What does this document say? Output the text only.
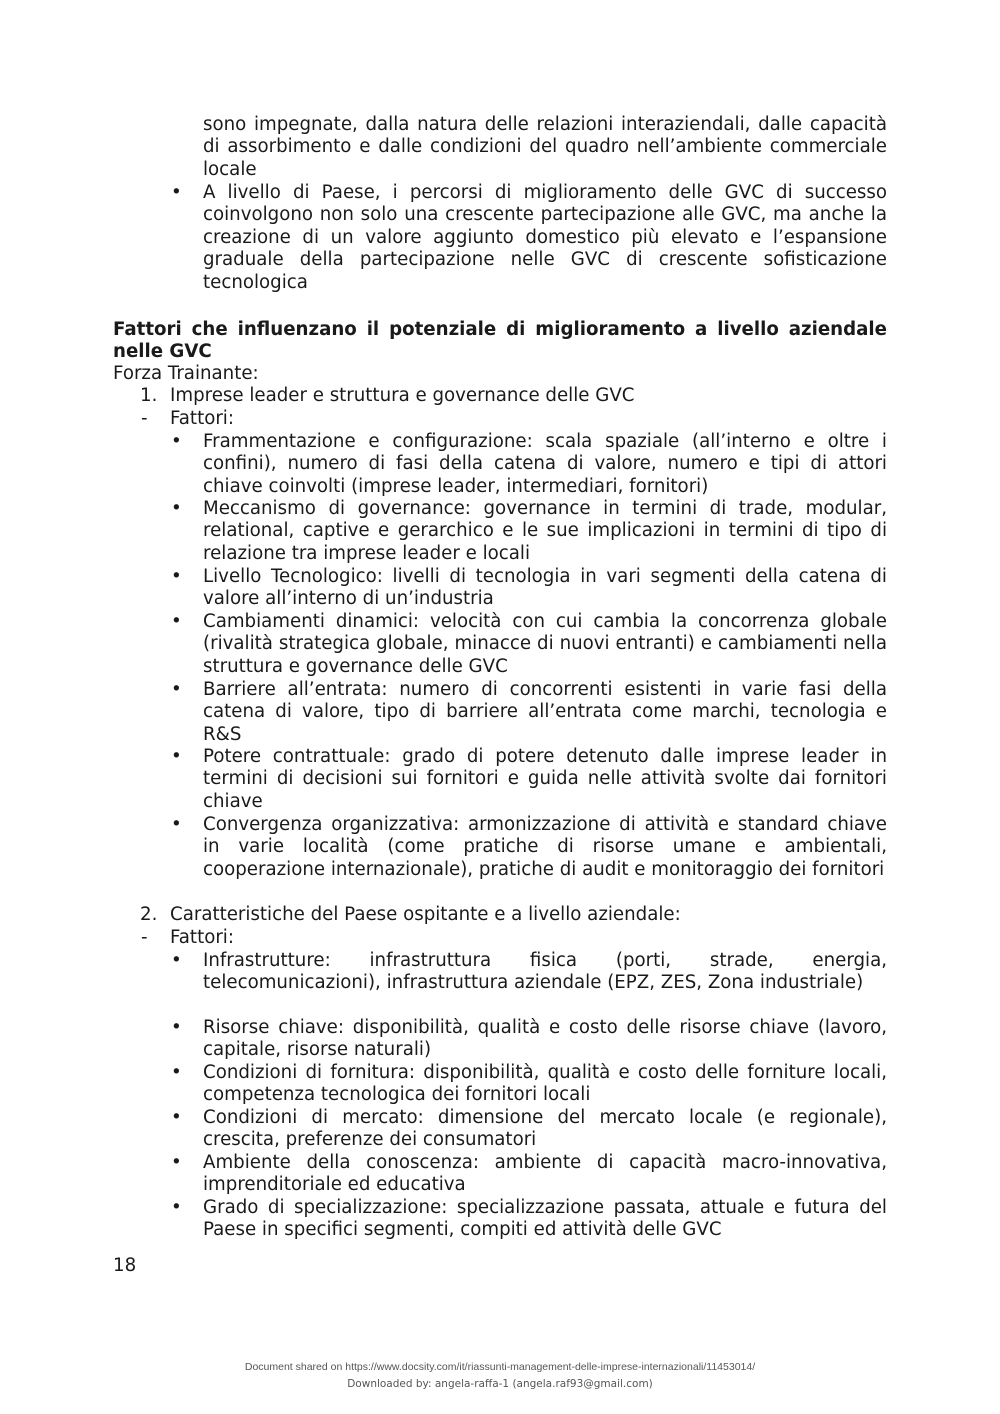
sono impegnate, dalla natura delle relazioni interaziendali, dalle capacità di assorbimento e dalle condizioni del quadro nell’ambiente commerciale locale
• A livello di Paese, i percorsi di miglioramento delle GVC di successo coinvolgono non solo una crescente partecipazione alle GVC, ma anche la creazione di un valore aggiunto domestico più elevato e l’espansione graduale della partecipazione nelle GVC di crescente sofisticazione tecnologica
Fattori che influenzano il potenziale di miglioramento a livello aziendale nelle GVC
Forza Trainante:
1. Imprese leader e struttura e governance delle GVC
- Fattori:
• Frammentazione e configurazione: scala spaziale (all’interno e oltre i confini), numero di fasi della catena di valore, numero e tipi di attori chiave coinvolti (imprese leader, intermediari, fornitori)
• Meccanismo di governance: governance in termini di trade, modular, relational, captive e gerarchico e le sue implicazioni in termini di tipo di relazione tra imprese leader e locali
• Livello Tecnologico: livelli di tecnologia in vari segmenti della catena di valore all’interno di un’industria
• Cambiamenti dinamici: velocità con cui cambia la concorrenza globale (rivalità strategica globale, minacce di nuovi entranti) e cambiamenti nella struttura e governance delle GVC
• Barriere all’entrata: numero di concorrenti esistenti in varie fasi della catena di valore, tipo di barriere all’entrata come marchi, tecnologia e R&S
• Potere contrattuale: grado di potere detenuto dalle imprese leader in termini di decisioni sui fornitori e guida nelle attività svolte dai fornitori chiave
• Convergenza organizzativa: armonizzazione di attività e standard chiave in varie località (come pratiche di risorse umane e ambientali, cooperazione internazionale), pratiche di audit e monitoraggio dei fornitori
2. Caratteristiche del Paese ospitante e a livello aziendale:
- Fattori:
• Infrastrutture: infrastruttura fisica (porti, strade, energia, telecomunicazioni), infrastruttura aziendale (EPZ, ZES, Zona industriale)
• Risorse chiave: disponibilità, qualità e costo delle risorse chiave (lavoro, capitale, risorse naturali)
• Condizioni di fornitura: disponibilità, qualità e costo delle forniture locali, competenza tecnologica dei fornitori locali
• Condizioni di mercato: dimensione del mercato locale (e regionale), crescita, preferenze dei consumatori
• Ambiente della conoscenza: ambiente di capacità macro-innovativa, imprenditoriale ed educativa
• Grado di specializzazione: specializzazione passata, attuale e futura del Paese in specifici segmenti, compiti ed attività delle GVC
18
Document shared on https://www.docsity.com/it/riassunti-management-delle-imprese-internazionali/11453014/
Downloaded by: angela-raffa-1 (angela.raf93@gmail.com)
